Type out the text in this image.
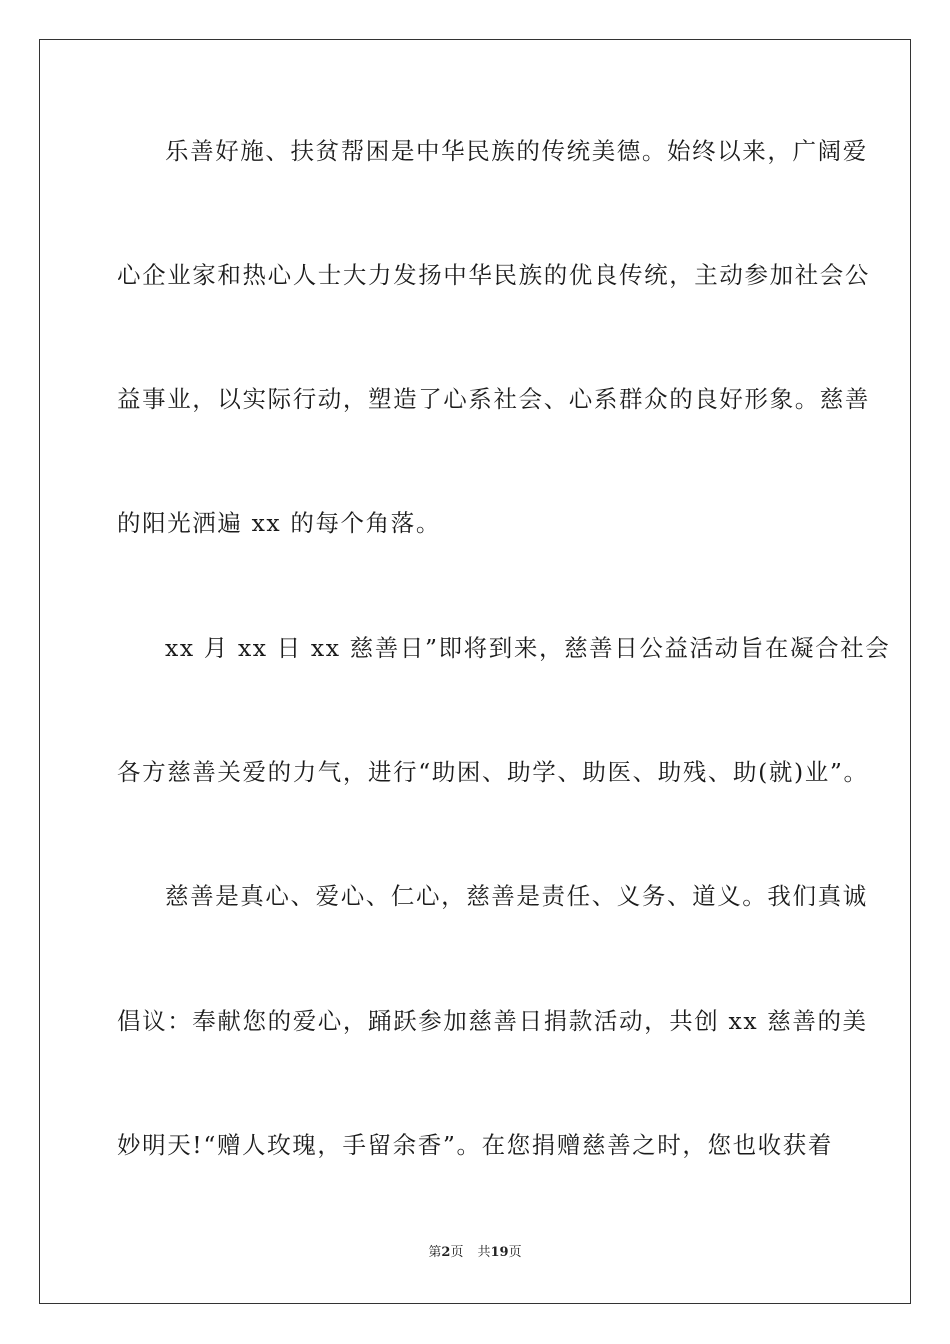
乐善好施、扶贫帮困是中华民族的传统美德。始终以来，广阔爱
心企业家和热心人士大力发扬中华民族的优良传统，主动参加社会公
益事业，以实际行动，塑造了心系社会、心系群众的良好形象。慈善
的阳光洒遍 xx 的每个角落。
xx 月 xx 日 xx 慈善日”即将到来，慈善日公益活动旨在凝合社会
各方慈善关爱的力气，进行“助困、助学、助医、助残、助(就)业”。
慈善是真心、爱心、仁心，慈善是责任、义务、道义。我们真诚
倡议：奉献您的爱心，踊跃参加慈善日捐款活动，共创 xx 慈善的美
妙明天!“赠人玫瑰，手留余香”。在您捐赠慈善之时，您也收获着
第2页 共19页
